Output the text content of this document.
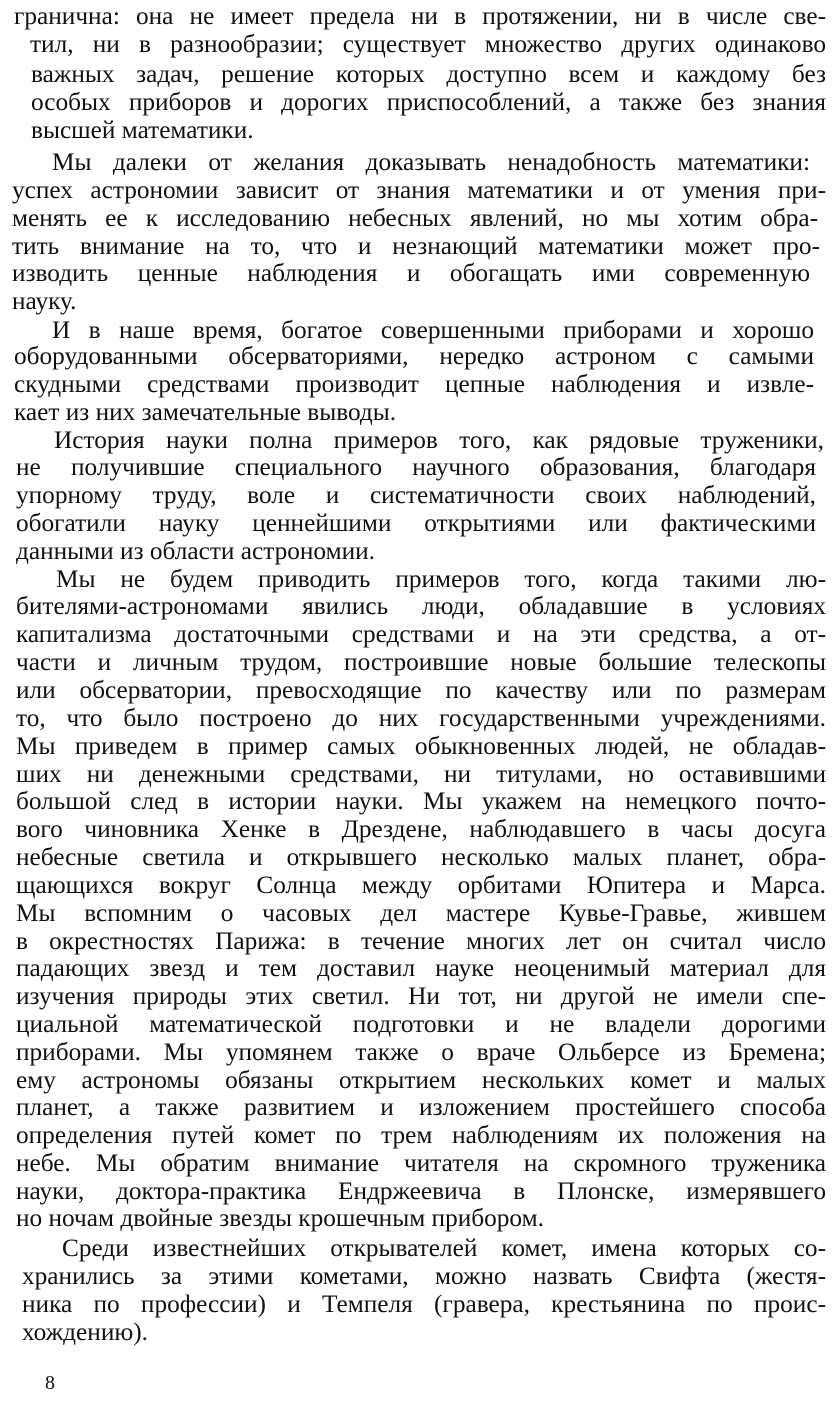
гранична: она не имеет предела ни в протяжении, ни в числе све-
тил, ни в разнообразии; существует множество других одинаково
важных задач, решение которых доступно всем и каждому без
особых приборов и дорогих приспособлений, а также без знания
высшей математики.
Мы далеки от желания доказывать ненадобность математики:
успех астрономии зависит от знания математики и от умения при-
менять ее к исследованию небесных явлений, но мы хотим обра-
тить внимание на то, что и незнающий математики может про-
изводить ценные наблюдения и обогащать ими современную
науку.
И в наше время, богатое совершенными приборами и хорошо
оборудованными обсерваториями, нередко астроном с самыми
скудными средствами производит цепные наблюдения и извле-
кает из них замечательные выводы.
История науки полна примеров того, как рядовые труженики,
не получившие специального научного образования, благодаря
упорному труду, воле и систематичности своих наблюдений,
обогатили науку ценнейшими открытиями или фактическими
данными из области астрономии.
Мы не будем приводить примеров того, когда такими лю-
бителями-астрономами явились люди, обладавшие в условиях
капитализма достаточными средствами и на эти средства, а от-
части и личным трудом, построившие новые большие телескопы
или обсерватории, превосходящие по качеству или по размерам
то, что было построено до них государственными учреждениями.
Мы приведем в пример самых обыкновенных людей, не обладав-
ших ни денежными средствами, ни титулами, но оставившими
большой след в истории науки. Мы укажем на немецкого почто-
вого чиновника Хенке в Дрездене, наблюдавшего в часы досуга
небесные светила и открывшего несколько малых планет, обра-
щающихся вокруг Солнца между орбитами Юпитера и Марса.
Мы вспомним о часовых дел мастере Кувье-Гравье, жившем
в окрестностях Парижа: в течение многих лет он считал число
падающих звезд и тем доставил науке неоценимый материал для
изучения природы этих светил. Ни тот, ни другой не имели спе-
циальной математической подготовки и не владели дорогими
приборами. Мы упомянем также о враче Ольберсе из Бремена;
ему астрономы обязаны открытием нескольких комет и малых
планет, а также развитием и изложением простейшего способа
определения путей комет по трем наблюдениям их положения на
небе. Мы обратим внимание читателя на скромного труженика
науки, доктора-практика Ендржеевича в Плонске, измерявшего
но ночам двойные звезды крошечным прибором.
Среди известнейших открывателей комет, имена которых со-
хранились за этими кометами, можно назвать Свифта (жестя-
ника по профессии) и Темпеля (гравера, крестьянина по проис-
хождению).
8
